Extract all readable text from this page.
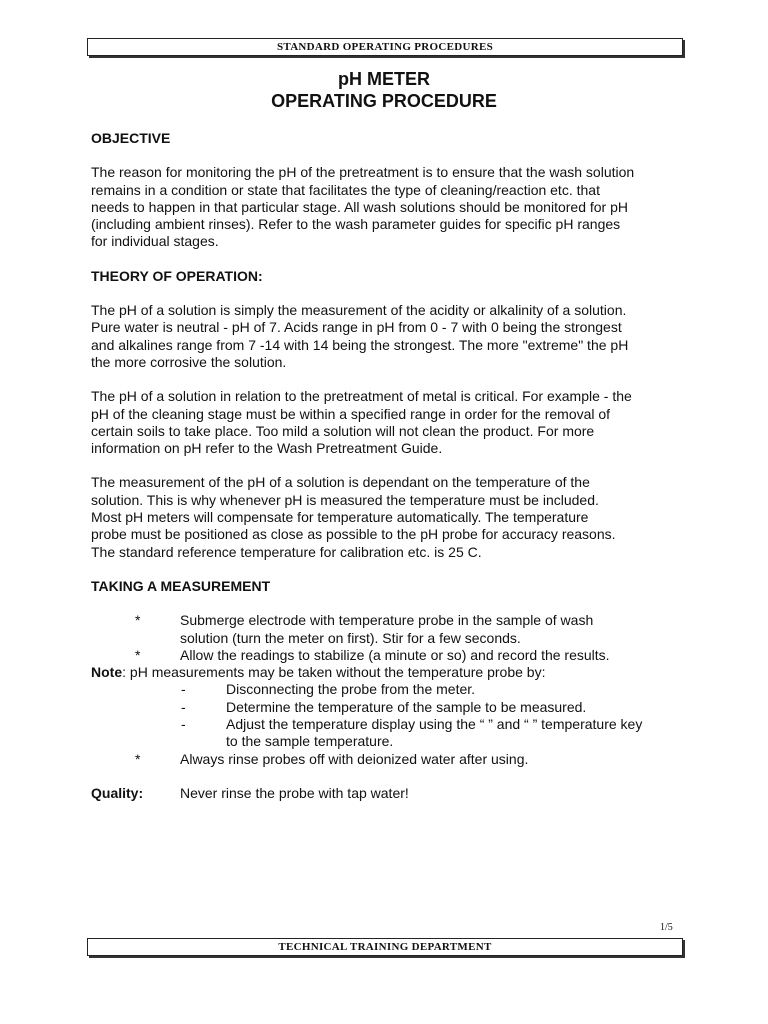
STANDARD OPERATING PROCEDURES
pH METER
OPERATING PROCEDURE
OBJECTIVE
The reason for monitoring the pH of the pretreatment is to ensure that the wash solution
remains in a condition or state that facilitates the type of cleaning/reaction etc. that
needs to happen in that particular stage. All wash solutions should be monitored for pH
(including ambient rinses). Refer to the wash parameter guides for specific pH ranges
for individual stages.
THEORY OF OPERATION:
The pH of a solution is simply the measurement of the acidity or alkalinity of a solution.
Pure water is neutral - pH of 7. Acids range in pH from 0 - 7 with 0 being the strongest
and alkalines range from 7 -14 with 14 being the strongest. The more "extreme" the pH
the more corrosive the solution.
The pH of a solution in relation to the pretreatment of metal is critical. For example - the
pH of the cleaning stage must be within a specified range in order for the removal of
certain soils to take place. Too mild a solution will not clean the product. For more
information on pH refer to the Wash Pretreatment Guide.
The measurement of the pH of a solution is dependant on the temperature of the
solution. This is why whenever pH is measured the temperature must be included.
Most pH meters will compensate for temperature automatically. The temperature
probe must be positioned as close as possible to the pH probe for accuracy reasons.
The standard reference temperature for calibration etc. is 25 C.
TAKING A MEASUREMENT
*	Submerge electrode with temperature probe in the sample of wash
solution (turn the meter on first). Stir for a few seconds.
*	Allow the readings to stabilize (a minute or so) and record the results.
Note: pH measurements may be taken without the temperature probe by:
-	Disconnecting the probe from the meter.
-	Determine the temperature of the sample to be measured.
-	Adjust the temperature display using the “ ” and “ ” temperature key
to the sample temperature.
*	Always rinse probes off with deionized water after using.
Quality:	Never rinse the probe with tap water!
1/5
TECHNICAL TRAINING DEPARTMENT
